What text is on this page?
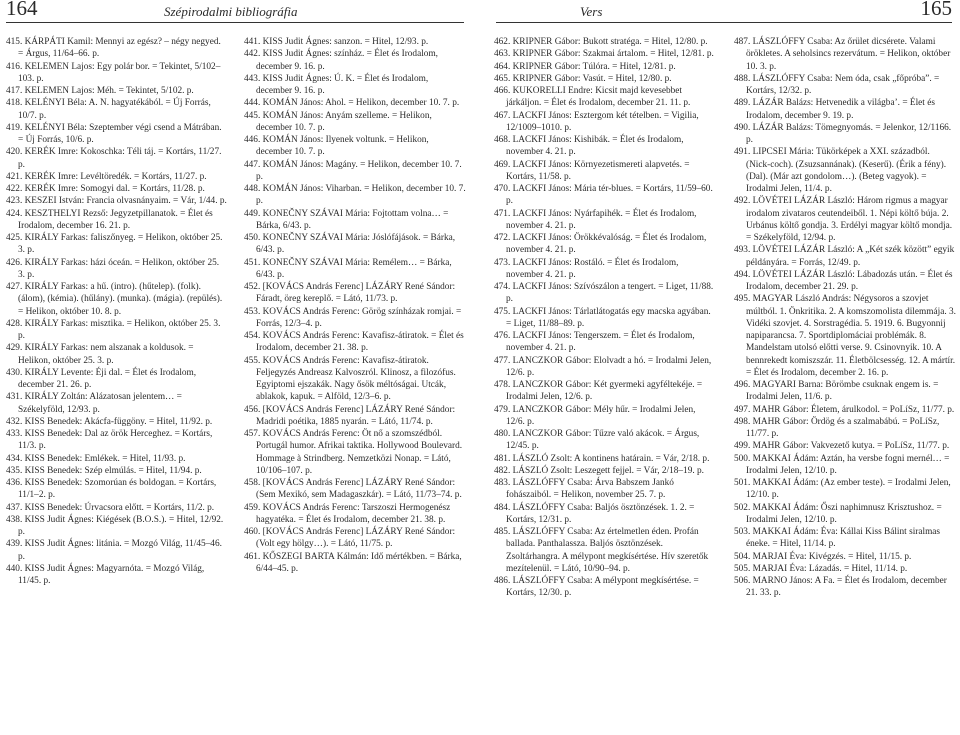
164	Szépirodalmi bibliográfia

415. KÁRPÁTI Kamil: Mennyi az egész? – négy negyed. = Árgus, 11/64–66. p.

416. KELEMEN Lajos: Egy polár bor. = Tekintet, 5/102–103. p.

417. KELEMEN Lajos: Méh. = Tekintet, 5/102. p.

418. KELÉNYI Béla: A. N. hagyatékából. = Új Forrás, 10/7. p.

419. KELÉNYI Béla: Szeptember végi csend a Mátrában. = Új Forrás, 10/6. p.

420. KERÉK Imre: Kokoschka: Téli táj. = Kortárs, 11/27. p.

421. KERÉK Imre: Levéltöredék. = Kortárs, 11/27. p.

422. KERÉK Imre: Somogyi dal. = Kortárs, 11/28. p.

423. KESZEI István: Francia olvasnányaim. = Vár, 1/44. p.

424. KESZTHELYI Rezső: Jegyzetpillanatok. = Élet és Irodalom, december 16. 21. p.

425. KIRÁLY Farkas: faliszőnyeg. = Helikon, október 25. 3. p.

426. KIRÁLY Farkas: házi óceán. = Helikon, október 25. 3. p.

427. KIRÁLY Farkas: a hű. (intro). (hűtelep). (folk). (álom), (kémia). (hűlány). (munka). (mágia). (repülés). = Helikon, október 10. 8. p.

428. KIRÁLY Farkas: misztika. = Helikon, október 25. 3. p.

429. KIRÁLY Farkas: nem alszanak a koldusok. = Helikon, október 25. 3. p.

430. KIRÁLY Levente: Éji dal. = Élet és Irodalom, december 21. 26. p.

431. KIRÁLY Zoltán: Alázatosan jelentem… = Székelyföld, 12/93. p.

432. KISS Benedek: Akácfa-függöny. = Hitel, 11/92. p.

433. KISS Benedek: Dal az örök Herceghez. = Kortárs, 11/3. p.

434. KISS Benedek: Emlékek. = Hitel, 11/93. p.

435. KISS Benedek: Szép elmúlás. = Hitel, 11/94. p.

436. KISS Benedek: Szomorúan és boldogan. = Kortárs, 11/1–2. p.

437. KISS Benedek: Úrvacsora előtt. = Kortárs, 11/2. p.

438. KISS Judit Ágnes: Kiégések (B.O.S.). = Hitel, 12/92. p.

439. KISS Judit Ágnes: litánia. = Mozgó Világ, 11/45–46. p.

440. KISS Judit Ágnes: Magyarnóta. = Mozgó Világ, 11/45. p.

441. KISS Judit Ágnes: sanzon. = Hitel, 12/93. p.

442. KISS Judit Ágnes: színház. = Élet és Irodalom, december 9. 16. p.

443. KISS Judit Ágnes: Ú. K. = Élet és Irodalom, december 9. 16. p.

444. KOMÁN János: Ahol. = Helikon, december 10. 7. p.

445. KOMÁN János: Anyám szelleme. = Helikon, december 10. 7. p.

446. KOMÁN János: Ilyenek voltunk. = Helikon, december 10. 7. p.

447. KOMÁN János: Magány. = Helikon, december 10. 7. p.

448. KOMÁN János: Viharban. = Helikon, december 10. 7. p.

449. KONEČNY SZÁVAI Mária: Fojtottam volna… = Bárka, 6/43. p.

450. KONEČNY SZÁVAI Mária: Jóslófájások. = Bárka, 6/43. p.

451. KONEČNY SZÁVAI Mária: Remélem… = Bárka, 6/43. p.

452. [KOVÁCS András Ferenc] LÁZÁRY René Sándor: Fáradt, öreg kerepl‍ő. = Látó, 11/73. p.

453. KOVÁCS András Ferenc: Görög színházak romjai. = Forrás, 12/3–4. p.

454. KOVÁCS András Ferenc: Kavafisz-átiratok. = Élet és Irodalom, december 21. 38. p.

455. KOVÁCS András Ferenc: Kavafisz-átiratok. Feljegyzés Andreasz Kalvoszról. Klinosz, a filozófus. Egyiptomi ejszakák. Nagy ősök méltóságai. Utcák, ablakok, kapuk. = Alföld, 12/3–6. p.

456. [KOVÁCS András Ferenc] LÁZÁRY René Sándor: Madridi poétika, 1885 nyarán. = Látó, 11/74. p.

457. KOVÁCS András Ferenc: Öt nő a szomszédból. Portugál humor. Afrikai taktika. Hollywood Boulevard. Hommage à Strindberg. Nemzetközi Nonap. = Látó, 10/106–107. p.

458. [KOVÁCS András Ferenc] LÁZÁRY René Sándor: (Sem Mexikó, sem Madagaszkár). = Látó, 11/73–74. p.

459. KOVÁCS András Ferenc: Tarszoszi Hermogenész hagyatéka. = Élet és Irodalom, december 21. 38. p.

460. [KOVÁCS András Ferenc] LÁZÁRY René Sándor: (Volt egy hölgy…). = Látó, 11/75. p.

461. KŐSZEGI BARTA Kálmán: Idő mértékben. = Bárka, 6/44–45. p.

Vers	165

462. KRIPNER Gábor: Bukott stratéga. = Hitel, 12/80. p.

463. KRIPNER Gábor: Szakmai ártalom. = Hitel, 12/81. p.

464. KRIPNER Gábor: Túlóra. = Hitel, 12/81. p.

465. KRIPNER Gábor: Vasút. = Hitel, 12/80. p.

466. KUKORELLI Endre: Kicsit majd kevesebbet járkáljon. = Élet és Irodalom, december 21. 11. p.

467. LACKFI János: Esztergom két tételben. = Vigilia, 12/1009–1010. p.

468. LACKFI János: Kishibák. = Élet és Irodalom, november 4. 21. p.

469. LACKFI János: Környezetismereti alapvetés. = Kortárs, 11/58. p.

470. LACKFI János: Mária tér-blues. = Kortárs, 11/59–60. p.

471. LACKFI János: Nyárfapihék. = Élet és Irodalom, november 4. 21. p.

472. LACKFI János: Örökkévalóság. = Élet és Irodalom, november 4. 21. p.

473. LACKFI János: Rostáló. = Élet és Irodalom, november 4. 21. p.

474. LACKFI János: Szívószálon a tengert. = Liget, 11/88. p.

475. LACKFI János: Tárlatlátogatás egy macska agyában. = Liget, 11/88–89. p.

476. LACKFI János: Tengerszem. = Élet és Irodalom, november 4. 21. p.

477. LANCZKOR Gábor: Elolvadt a hó. = Irodalmi Jelen, 12/6. p.

478. LANCZKOR Gábor: Két gyermeki agyféltekéje. = Irodalmi Jelen, 12/6. p.

479. LANCZKOR Gábor: Mély hűr. = Irodalmi Jelen, 12/6. p.

480. LANCZKOR Gábor: Tűzre való akácok. = Árgus, 12/45. p.

481. LÁSZLÓ Zsolt: A kontinens határain. = Vár, 2/18. p.

482. LÁSZLÓ Zsolt: Leszegett fejjel. = Vár, 2/18–19. p.

483. LÁSZLÓFFY Csaba: Árva Babszem Jankó fohászaiból. = Helikon, november 25. 7. p.

484. LÁSZLÓFFY Csaba: Baljós ösztönzések. 1. 2. = Kortárs, 12/31. p.

485. LÁSZLÓFFY Csaba: Az értelmetlen éden. Profán ballada. Panthalassza. Baljós ösztönzések. Zsoltárhangra. A mélypont megkísértése. Hív szeretők mezítelenül. = Látó, 10/90–94. p.

486. LÁSZLÓFFY Csaba: A mélypont megkísértése. = Kortárs, 12/30. p.

487. LÁSZLÓFFY Csaba: Az őrület dicsérete. Valami örökletes. A seholsincs rezervátum. = Helikon, október 10. 3. p.

488. LÁSZLÓFFY Csaba: Nem óda, csak „főpróba”. = Kortárs, 12/32. p.

489. LÁZÁR Balázs: Hetvenedik a világba’. = Élet és Irodalom, december 9. 19. p.

490. LÁZÁR Balázs: Tömegnyomás. = Jelenkor, 12/1166. p.

491. LIPCSEI Mária: Tükörképek a XXI. századból. (Nick-coch). (Zsuzsannának). (Keserű). (Érik a fény). (Dal). (Már azt gondolom…). (Beteg vagyok). = Irodalmi Jelen, 11/4. p.

492. LÖVÉTEI LÁZÁR László: Három rigmus a magyar irodalom zivataros ceutendeiből. 1. Népi költő búja. 2. Urbánus költő gondja. 3. Erdélyi magyar költő mondja. = Székelyföld, 12/94. p.

493. LÖVÉTEI LÁZÁR László: A „Két szék között” egyik példányára. = Forrás, 12/49. p.

494. LÖVÉTEI LÁZÁR László: Lábadozás után. = Élet és Irodalom, december 21. 29. p.

495. MAGYAR László András: Négysoros a szovjet múltból. 1. Önkritika. 2. A komszomolista dilemmája. 3. Vidéki szovjet. 4. Sorstragédia. 5. 1919. 6. Bugyonnij napiparancsa. 7. Sportdiplomáciai problémák. 8. Mandelstam utolsó előtti verse. 9. Csinovnyik. 10. A bennrekedt komiszszár. 11. Életbölcsesség. 12. A mártír. = Élet és Irodalom, december 2. 16. p.

496. MAGYARI Barna: Börömbe csuknak engem is. = Irodalmi Jelen, 11/6. p.

497. MAHR Gábor: Életem, árulkodol. = PoLíSz, 11/77. p.

498. MAHR Gábor: Ördög és a szalmabábú. = PoLíSz, 11/77. p.

499. MAHR Gábor: Vakvezető kutya. = PoLíSz, 11/77. p.

500. MAKKAI Ádám: Aztán, ha versbe fogni mernél… = Irodalmi Jelen, 12/10. p.

501. MAKKAI Ádám: (Az ember teste). = Irodalmi Jelen, 12/10. p.

502. MAKKAI Ádám: Őszi naphimnusz Krisztushoz. = Irodalmi Jelen, 12/10. p.

503. MAKKAI Ádám: Éva: Kállai Kiss Bálint siralmas éneke. = Hitel, 11/14. p.

504. MARJAI Éva: Kivégzés. = Hitel, 11/15. p.

505. MARJAI Éva: Lázadás. = Hitel, 11/14. p.

506. MARNO János: A Fa. = Élet és Irodalom, december 21. 33. p.
